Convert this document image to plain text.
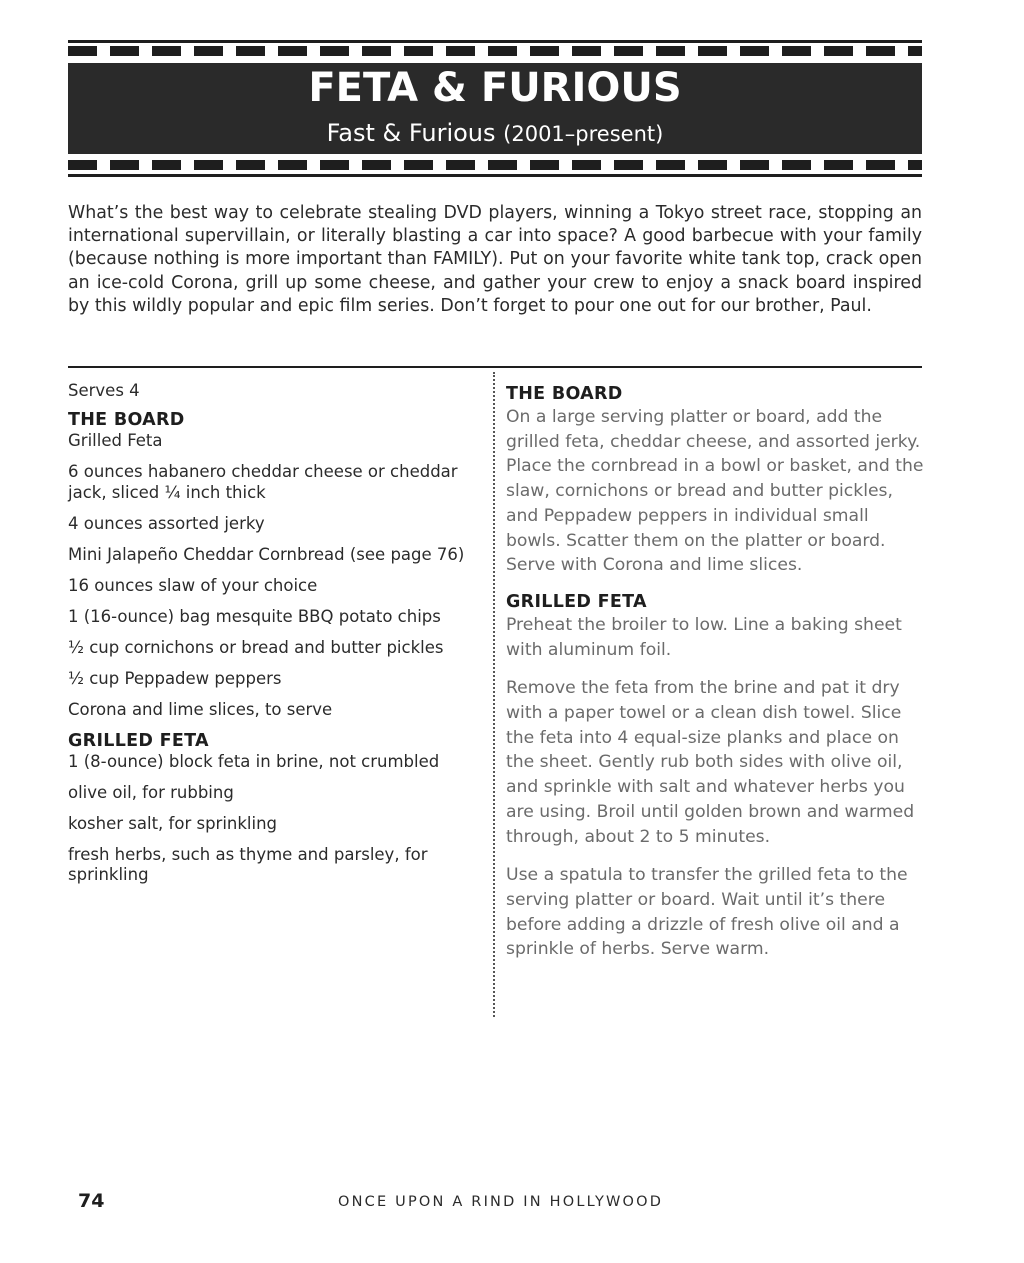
FETA & FURIOUS
Fast & Furious (2001–present)

What’s the best way to celebrate stealing DVD players, winning a Tokyo street race, stopping an international supervillain, or literally blasting a car into space? A good barbecue with your family (because nothing is more important than FAMILY). Put on your favorite white tank top, crack open an ice-cold Corona, grill up some cheese, and gather your crew to enjoy a snack board inspired by this wildly popular and epic film series. Don’t forget to pour one out for our brother, Paul.

Serves 4
THE BOARD
Grilled Feta
6 ounces habanero cheddar cheese or cheddar jack, sliced ¼ inch thick
4 ounces assorted jerky
Mini Jalapeño Cheddar Cornbread (see page 76)
16 ounces slaw of your choice
1 (16-ounce) bag mesquite BBQ potato chips
½ cup cornichons or bread and butter pickles
½ cup Peppadew peppers
Corona and lime slices, to serve
GRILLED FETA
1 (8-ounce) block feta in brine, not crumbled
olive oil, for rubbing
kosher salt, for sprinkling
fresh herbs, such as thyme and parsley, for sprinkling
THE BOARD
On a large serving platter or board, add the grilled feta, cheddar cheese, and assorted jerky. Place the cornbread in a bowl or basket, and the slaw, cornichons or bread and butter pickles, and Peppadew peppers in individual small bowls. Scatter them on the platter or board. Serve with Corona and lime slices.
GRILLED FETA
Preheat the broiler to low. Line a baking sheet with aluminum foil.
Remove the feta from the brine and pat it dry with a paper towel or a clean dish towel. Slice the feta into 4 equal-size planks and place on the sheet. Gently rub both sides with olive oil, and sprinkle with salt and whatever herbs you are using. Broil until golden brown and warmed through, about 2 to 5 minutes.
Use a spatula to transfer the grilled feta to the serving platter or board. Wait until it’s there before adding a drizzle of fresh olive oil and a sprinkle of herbs. Serve warm.
74	ONCE UPON A RIND IN HOLLYWOOD
